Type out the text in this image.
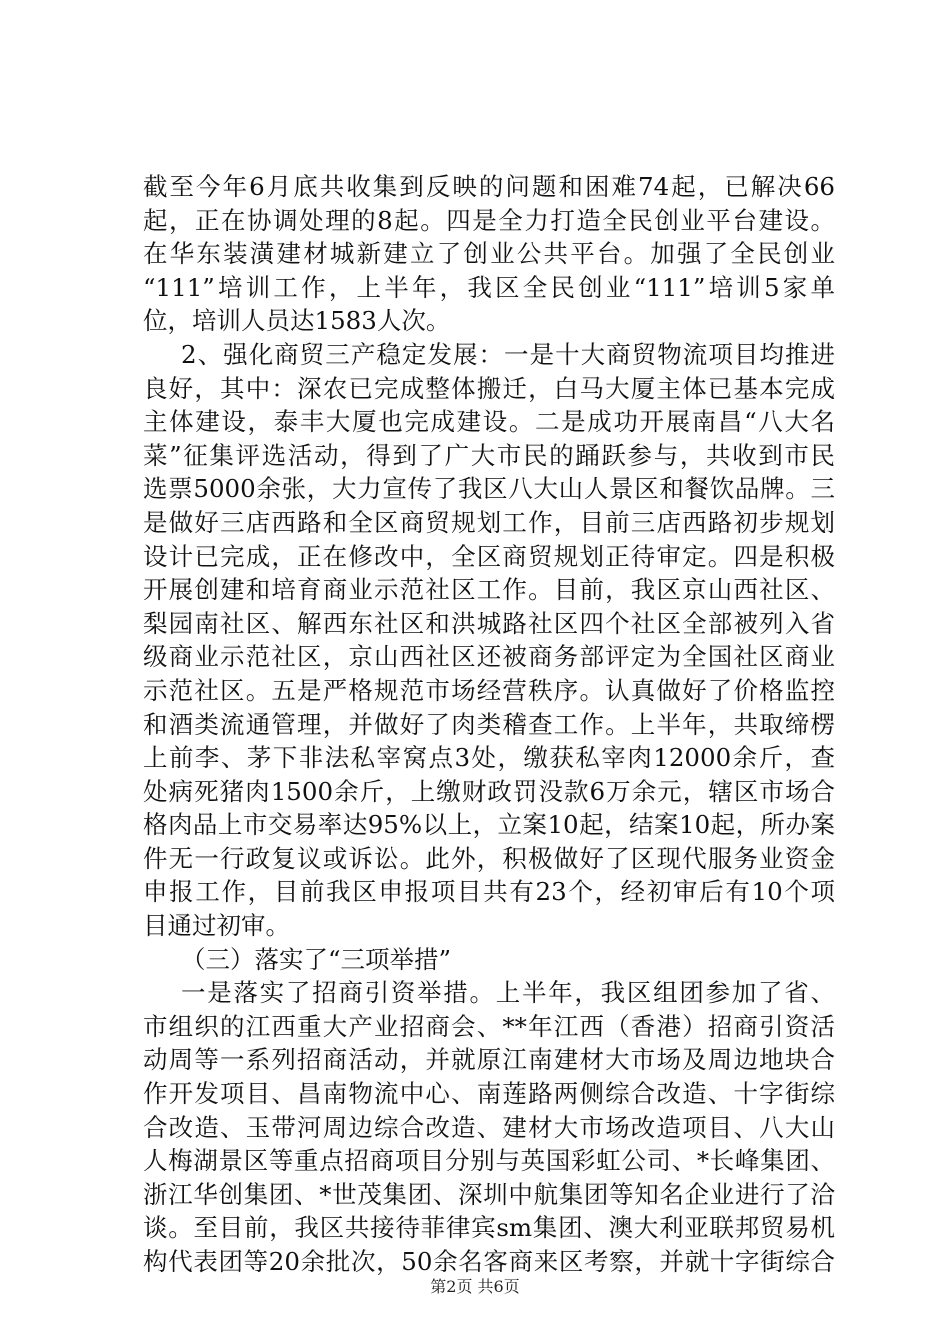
截至今年6月底共收集到反映的问题和困难74起，已解决66
起，正在协调处理的8起。四是全力打造全民创业平台建设。
在华东装潢建材城新建立了创业公共平台。加强了全民创业
“111”培训工作，上半年，我区全民创业“111”培训5家单
位，培训人员达1583人次。
2、强化商贸三产稳定发展：一是十大商贸物流项目均推进
良好，其中：深农已完成整体搬迁，白马大厦主体已基本完成
主体建设，泰丰大厦也完成建设。二是成功开展南昌“八大名
菜”征集评选活动，得到了广大市民的踊跃参与，共收到市民
选票5000余张，大力宣传了我区八大山人景区和餐饮品牌。三
是做好三店西路和全区商贸规划工作，目前三店西路初步规划
设计已完成，正在修改中，全区商贸规划正待审定。四是积极
开展创建和培育商业示范社区工作。目前，我区京山西社区、
梨园南社区、解西东社区和洪城路社区四个社区全部被列入省
级商业示范社区，京山西社区还被商务部评定为全国社区商业
示范社区。五是严格规范市场经营秩序。认真做好了价格监控
和酒类流通管理，并做好了肉类稽查工作。上半年，共取缔楞
上前李、茅下非法私宰窝点3处，缴获私宰肉12000余斤，查
处病死猪肉1500余斤，上缴财政罚没款6万余元，辖区市场合
格肉品上市交易率达95%以上，立案10起，结案10起，所办案
件无一行政复议或诉讼。此外，积极做好了区现代服务业资金
申报工作，目前我区申报项目共有23个，经初审后有10个项
目通过初审。
（三）落实了“三项举措”
一是落实了招商引资举措。上半年，我区组团参加了省、
市组织的江西重大产业招商会、**年江西（香港）招商引资活
动周等一系列招商活动，并就原江南建材大市场及周边地块合
作开发项目、昌南物流中心、南莲路两侧综合改造、十字街综
合改造、玉带河周边综合改造、建材大市场改造项目、八大山
人梅湖景区等重点招商项目分别与英国彩虹公司、*长峰集团、
浙江华创集团、*世茂集团、深圳中航集团等知名企业进行了洽
谈。至目前，我区共接待菲律宾sm集团、澳大利亚联邦贸易机
构代表团等20余批次，50余名客商来区考察，并就十字街综合
第2页 共6页
